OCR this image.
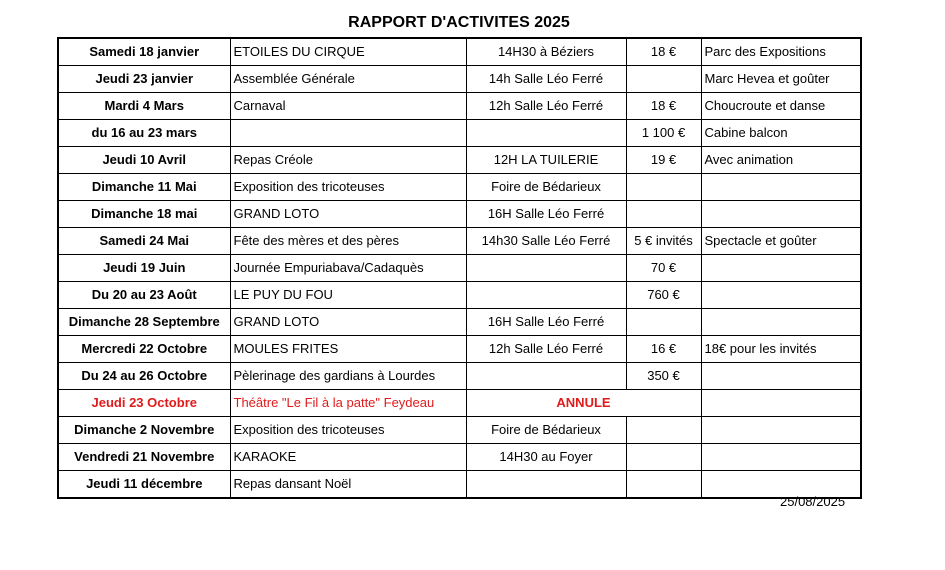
RAPPORT D'ACTIVITES 2025
Samedi 18 janvier	ETOILES DU CIRQUE	14H30 à Béziers	18 €	Parc des Expositions
Jeudi 23 janvier	Assemblée Générale	14h Salle Léo Ferré		Marc Hevea et goûter
Mardi 4 Mars	Carnaval	12h Salle Léo Ferré	18 €	Choucroute et danse
du 16 au 23 mars			1 100 €	Cabine balcon
Jeudi 10 Avril	Repas Créole	12H LA TUILERIE	19 €	Avec animation
Dimanche 11 Mai	Exposition des tricoteuses	Foire de Bédarieux		
Dimanche 18 mai	GRAND LOTO	16H Salle Léo Ferré		
Samedi 24 Mai	Fête des mères et des pères	14h30 Salle Léo Ferré	5 € invités	Spectacle et goûter
Jeudi 19 Juin	Journée Empuriabava/Cadaquès		70 €	
Du 20 au 23 Août	LE PUY DU FOU		760 €	
Dimanche 28 Septembre	GRAND LOTO	16H Salle Léo Ferré		
Mercredi 22 Octobre	MOULES FRITES	12h Salle Léo Ferré	16 €	18€ pour les invités
Du 24 au 26 Octobre	Pèlerinage des gardians à Lourdes		350 €	
Jeudi 23 Octobre	Théâtre "Le Fil à la patte" Feydeau	ANNULE		
Dimanche 2 Novembre	Exposition des tricoteuses	Foire de Bédarieux		
Vendredi 21 Novembre	KARAOKE	14H30 au Foyer		
Jeudi 11 décembre	Repas dansant Noël			
25/08/2025
